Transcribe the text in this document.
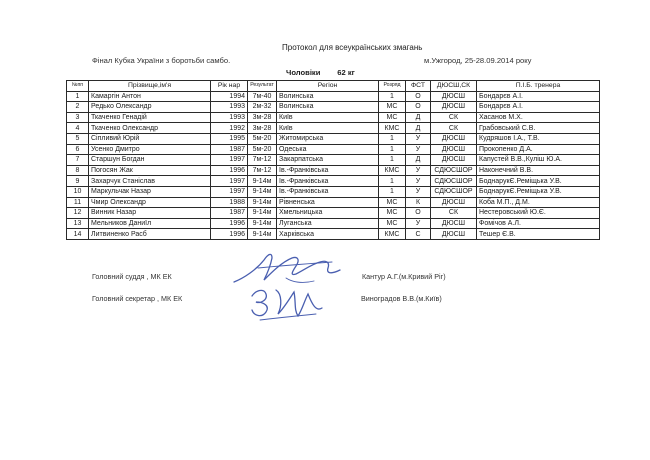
Протокол для всеукраїнських змагань
Фінал Кубка України з боротьби самбо.	м.Ужгород, 25-28.09.2014 року
Чоловіки        62 кг
№пп	Прізвище,ім'я	Рік нар	Результат	Регіон	Розряд	ФСТ	ДЮСШ,СК	П.І.Б. тренера
1	Камаргін Антон	1994	7м-40	Волинська	1	О	ДЮСШ	Бондарєв А.І.
2	Редько Олександр	1993	2м-32	Волинська	МС	О	ДЮСШ	Бондарєв А.І.
3	Ткаченко Генадій	1993	3м-28	Київ	МС	Д	СК	Хасанов М.Х.
4	Ткаченко Олександр	1992	3м-28	Київ	КМС	Д	СК	Грабовський С.В.
5	Сіпливий Юрій	1995	5м-20	Житомирська	1	У	ДЮСШ	Кудряшов І.А., Т.В.
6	Усенко Дмитро	1987	5м-20	Одеська	1	У	ДЮСШ	Прокопенко Д.А.
7	Старшун Богдан	1997	7м-12	Закарпатська	1	Д	ДЮСШ	Капустей В.В.,Куліш Ю.А.
8	Погосян Жак	1996	7м-12	Ів.-Франківська	КМС	У	СДЮСШОР	Наконечний В.В.
9	Захарчук Станіслав	1997	9-14м	Ів.-Франківська	1	У	СДЮСШОР	БоднарукЄ.Реміщька У.В.
10	Маркульчак Назар	1997	9-14м	Ів.-Франківська	1	У	СДЮСШОР	БоднарукЄ.Реміщька У.В.
11	Чмир Олександр	1988	9-14м	Рівненська	МС	К	ДЮСШ	Коба М.П., Д.М.
12	Винник Назар	1987	9-14м	Хмельницька	МС	О	СК	Нестеровський Ю.Є.
13	Мельников Даниїл	1996	9-14м	Луганська	МС	У	ДЮСШ	Фомічов А.Л.
14	Литвиненко Расб	1996	9-14м	Харківська	КМС	С	ДЮСШ	Тешер Є.В.
Головний суддя , МК ЕК	Кантур А.Г.(м.Кривий Ріг)
Головний секретар , МК ЕК	Виноградов В.В.(м.Київ)
